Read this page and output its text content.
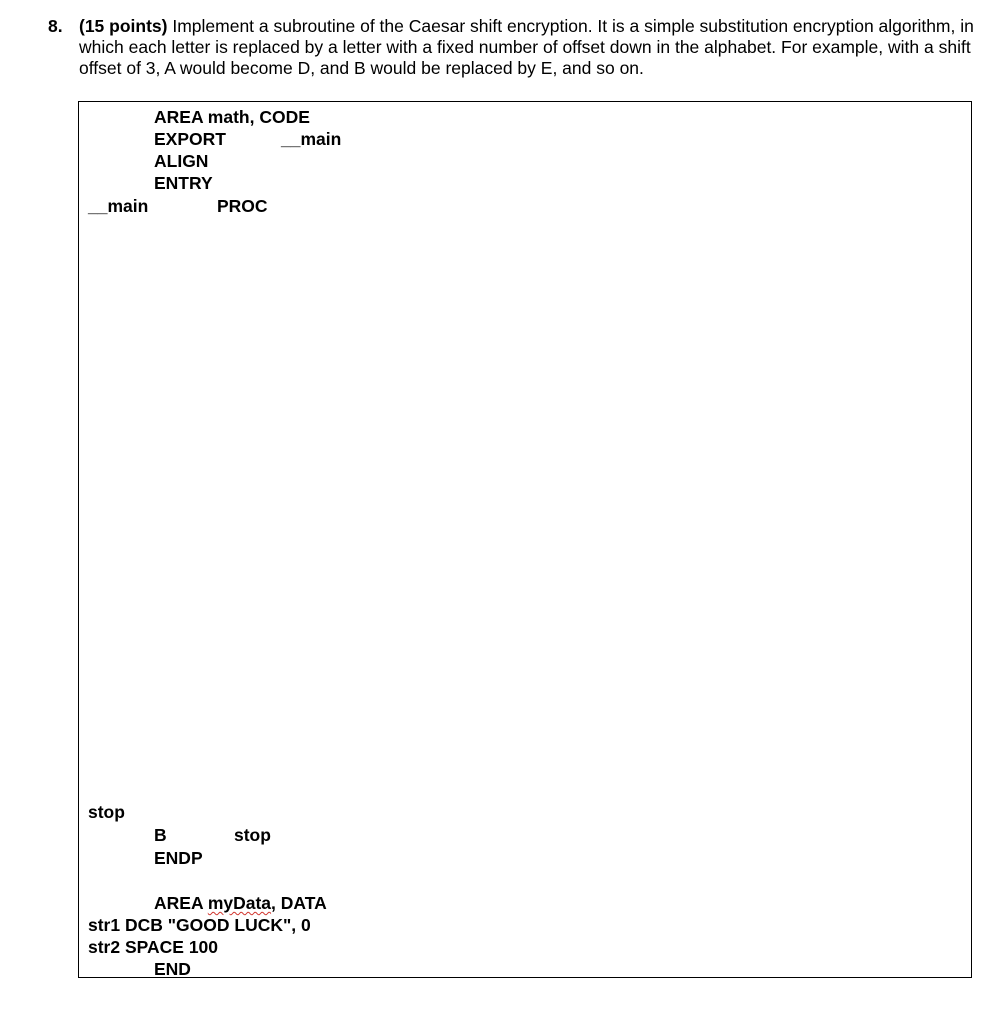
8. (15 points) Implement a subroutine of the Caesar shift encryption. It is a simple substitution encryption algorithm, in which each letter is replaced by a letter with a fixed number of offset down in the alphabet. For example, with a shift offset of 3, A would become D, and B would be replaced by E, and so on.
AREA math, CODE
EXPORT	__main
ALIGN
ENTRY
__main	PROC
stop
B	stop
ENDP
AREA myData, DATA
str1 DCB "GOOD LUCK", 0
str2 SPACE 100
END
